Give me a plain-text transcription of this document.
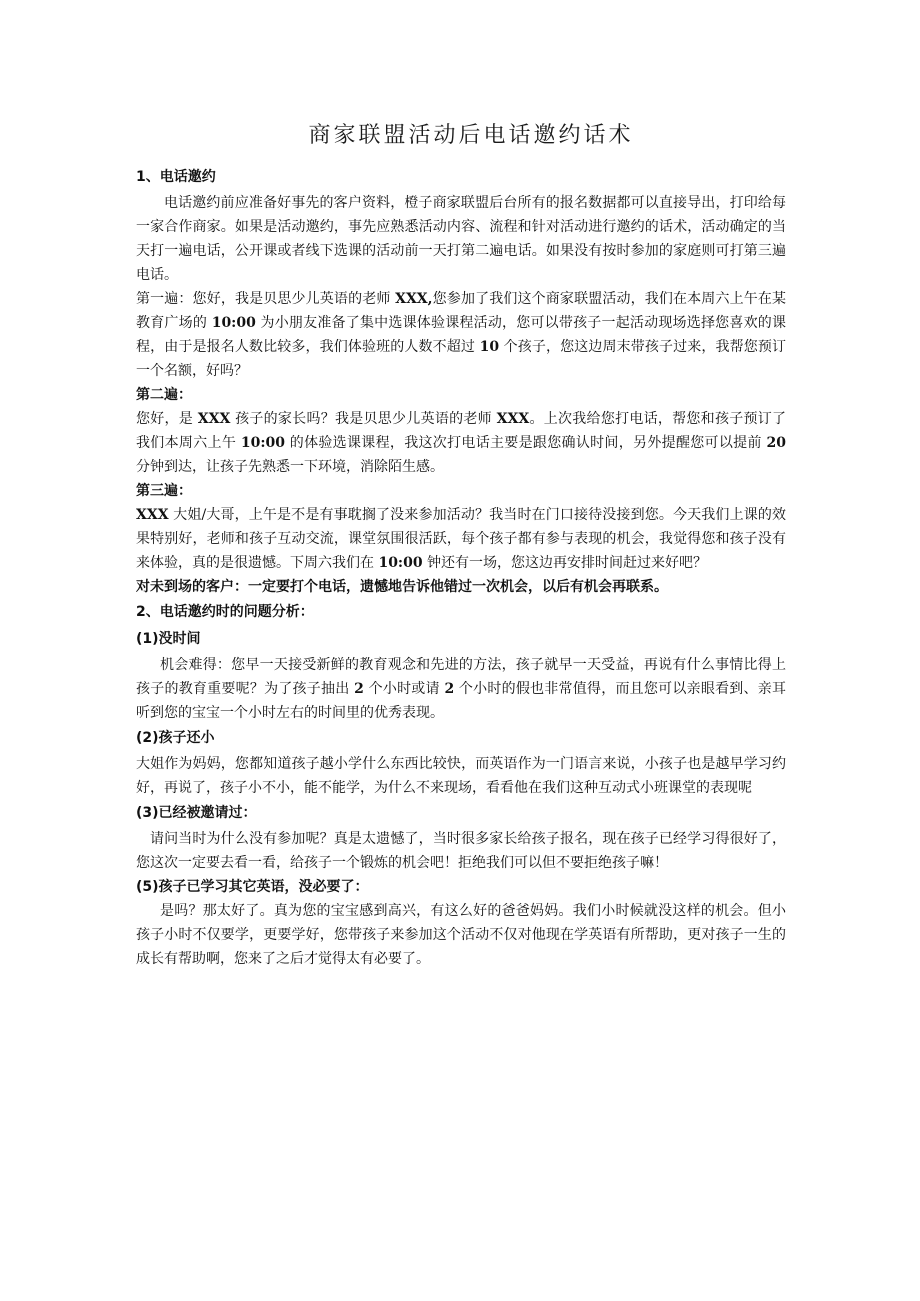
商家联盟活动后电话邀约话术

1、电话邀约

电话邀约前应准备好事先的客户资料，橙子商家联盟后台所有的报名数据都可以直接导出，打印给每一家合作商家。如果是活动邀约，事先应熟悉活动内容、流程和针对活动进行邀约的话术，活动确定的当天打一遍电话，公开课或者线下选课的活动前一天打第二遍电话。如果没有按时参加的家庭则可打第三遍电话。

第一遍：您好，我是贝思少儿英语的老师 XXX,您参加了我们这个商家联盟活动，我们在本周六上午在某教育广场的 10:00 为小朋友准备了集中选课体验课程活动，您可以带孩子一起活动现场选择您喜欢的课程，由于是报名人数比较多，我们体验班的人数不超过 10 个孩子，您这边周末带孩子过来，我帮您预订一个名额，好吗？

第二遍：

您好，是 XXX 孩子的家长吗？我是贝思少儿英语的老师 XXX。上次我给您打电话，帮您和孩子预订了我们本周六上午 10:00 的体验选课课程，我这次打电话主要是跟您确认时间，另外提醒您可以提前 20 分钟到达，让孩子先熟悉一下环境，消除陌生感。

第三遍：

XXX 大姐/大哥，上午是不是有事耽搁了没来参加活动？我当时在门口接待没接到您。今天我们上课的效果特别好，老师和孩子互动交流，课堂氛围很活跃，每个孩子都有参与表现的机会，我觉得您和孩子没有来体验，真的是很遗憾。下周六我们在 10:00 钟还有一场，您这边再安排时间赶过来好吧？

对未到场的客户：一定要打个电话，遗憾地告诉他错过一次机会，以后有机会再联系。

2、电话邀约时的问题分析：

(1)没时间

机会难得：您早一天接受新鲜的教育观念和先进的方法，孩子就早一天受益，再说有什么事情比得上孩子的教育重要呢？为了孩子抽出 2 个小时或请 2 个小时的假也非常值得，而且您可以亲眼看到、亲耳听到您的宝宝一个小时左右的时间里的优秀表现。

(2)孩子还小

大姐作为妈妈，您都知道孩子越小学什么东西比较快，而英语作为一门语言来说，小孩子也是越早学习约好，再说了，孩子小不小，能不能学，为什么不来现场，看看他在我们这种互动式小班课堂的表现呢

(3)已经被邀请过：

请问当时为什么没有参加呢？真是太遗憾了，当时很多家长给孩子报名，现在孩子已经学习得很好了，您这次一定要去看一看，给孩子一个锻炼的机会吧！拒绝我们可以但不要拒绝孩子嘛！

(5)孩子已学习其它英语，没必要了：

是吗？那太好了。真为您的宝宝感到高兴，有这么好的爸爸妈妈。我们小时候就没这样的机会。但小孩子小时不仅要学，更要学好，您带孩子来参加这个活动不仅对他现在学英语有所帮助，更对孩子一生的成长有帮助啊，您来了之后才觉得太有必要了。
